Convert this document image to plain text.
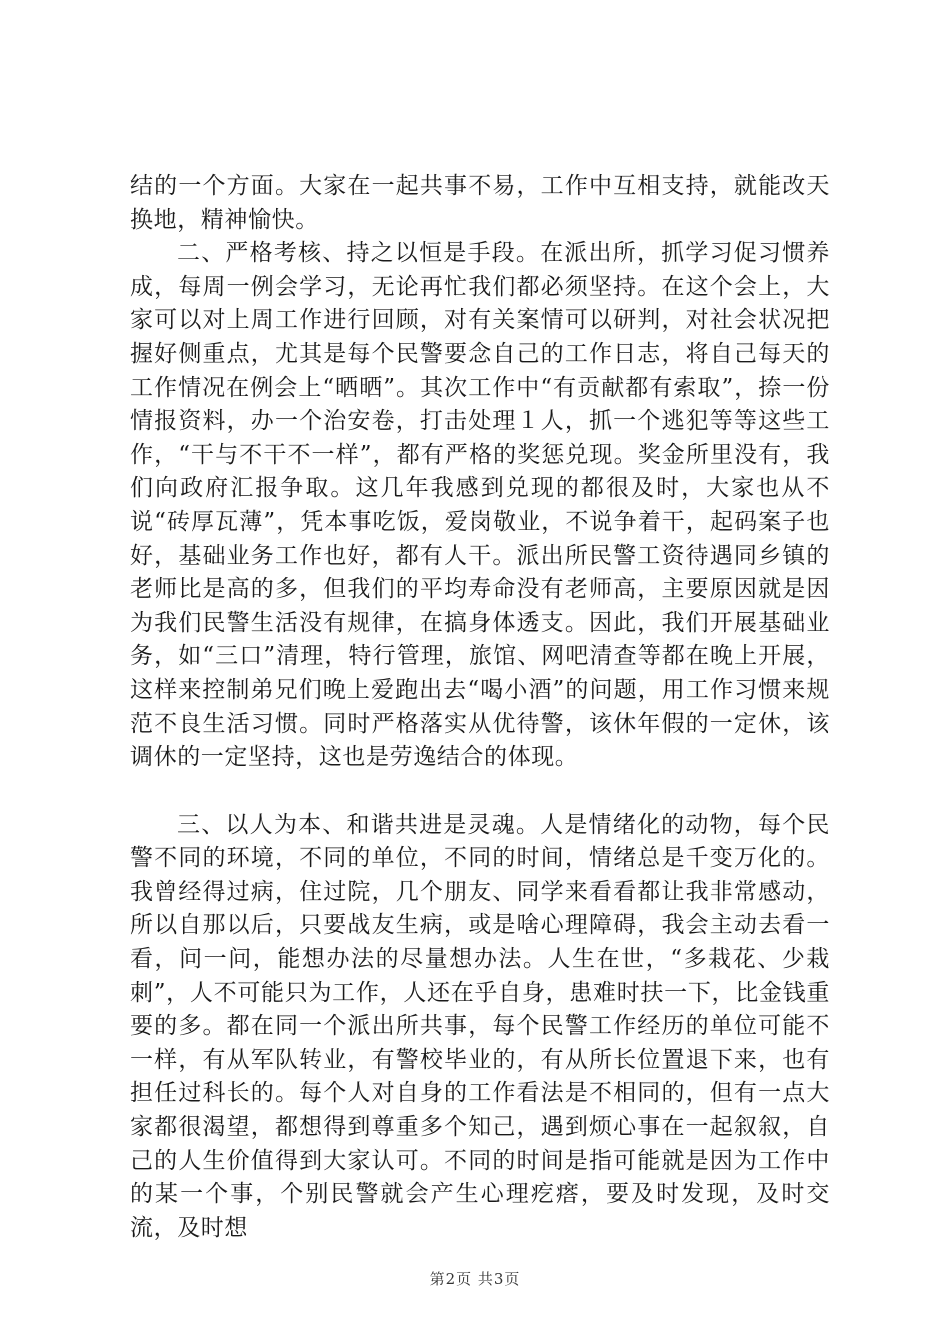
结的一个方面。大家在一起共事不易，工作中互相支持，就能改天换地，精神愉快。

二、严格考核、持之以恒是手段。在派出所，抓学习促习惯养成，每周一例会学习，无论再忙我们都必须坚持。在这个会上，大家可以对上周工作进行回顾，对有关案情可以研判，对社会状况把握好侧重点，尤其是每个民警要念自己的工作日志，将自己每天的工作情况在例会上“晒晒”。其次工作中“有贡献都有索取”，捺一份情报资料，办一个治安卷，打击处理１人，抓一个逃犯等等这些工作，“干与不干不一样”，都有严格的奖惩兑现。奖金所里没有，我们向政府汇报争取。这几年我感到兑现的都很及时，大家也从不说“砖厚瓦薄”，凭本事吃饭，爱岗敬业，不说争着干，起码案子也好，基础业务工作也好，都有人干。派出所民警工资待遇同乡镇的老师比是高的多，但我们的平均寿命没有老师高，主要原因就是因为我们民警生活没有规律，在搞身体透支。因此，我们开展基础业务，如“三口”清理，特行管理，旅馆、网吧清查等都在晚上开展，这样来控制弟兄们晚上爱跑出去“喝小酒”的问题，用工作习惯来规范不良生活习惯。同时严格落实从优待警，该休年假的一定休，该调休的一定坚持，这也是劳逸结合的体现。

三、以人为本、和谐共进是灵魂。人是情绪化的动物，每个民警不同的环境，不同的单位，不同的时间，情绪总是千变万化的。我曾经得过病，住过院，几个朋友、同学来看看都让我非常感动，所以自那以后，只要战友生病，或是啥心理障碍，我会主动去看一看，问一问，能想办法的尽量想办法。人生在世，“多栽花、少栽刺”，人不可能只为工作，人还在乎自身，患难时扶一下，比金钱重要的多。都在同一个派出所共事，每个民警工作经历的单位可能不一样，有从军队转业，有警校毕业的，有从所长位置退下来，也有担任过科长的。每个人对自身的工作看法是不相同的，但有一点大家都很渴望，都想得到尊重多个知己，遇到烦心事在一起叙叙，自己的人生价值得到大家认可。不同的时间是指可能就是因为工作中的某一个事，个别民警就会产生心理疙瘩，要及时发现，及时交流，及时想

第2页 共3页
